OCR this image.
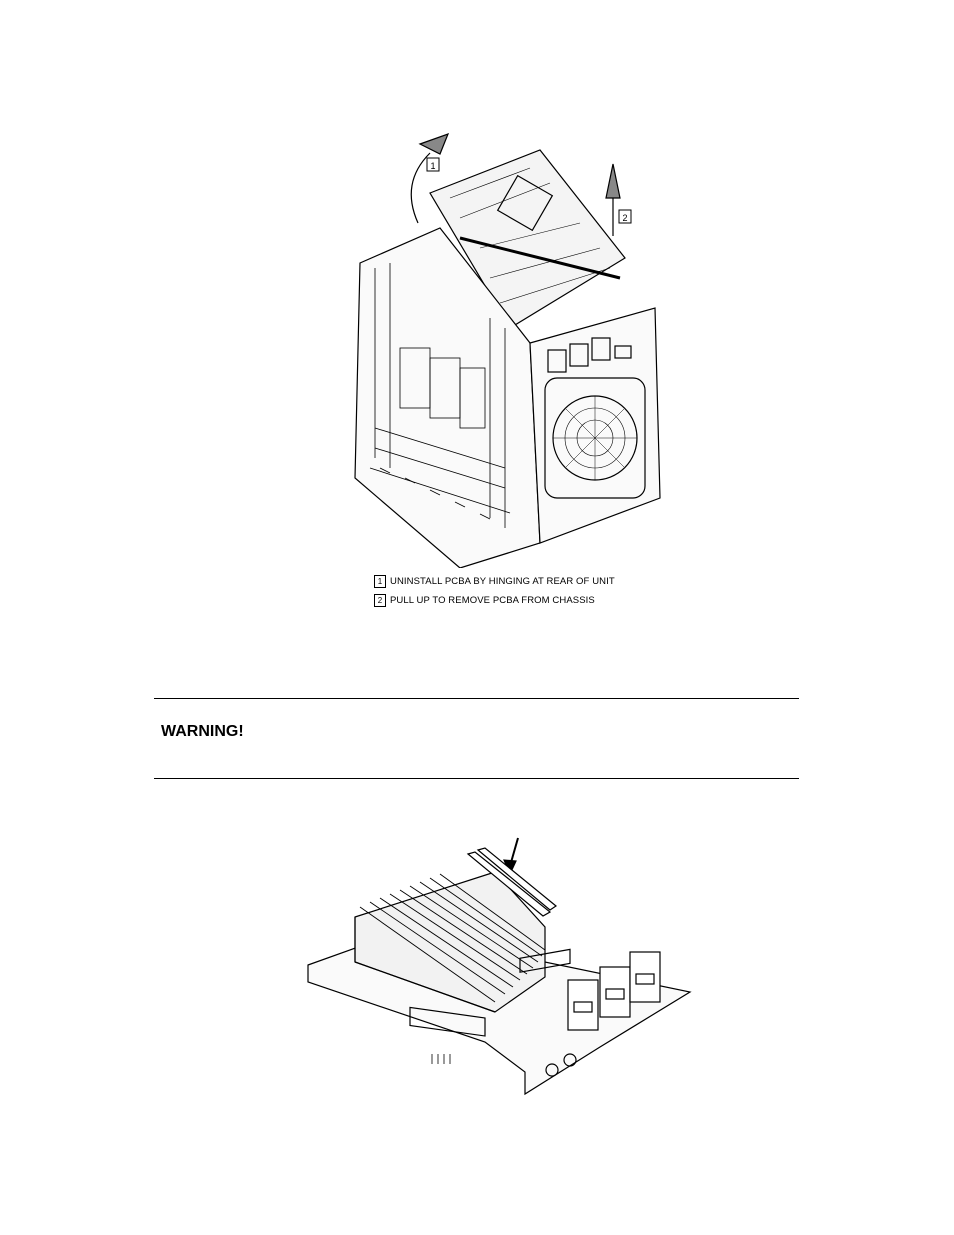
1
2
1 UNINSTALL PCBA BY HINGING AT REAR OF UNIT
2 PULL UP TO REMOVE PCBA FROM CHASSIS
WARNING!
